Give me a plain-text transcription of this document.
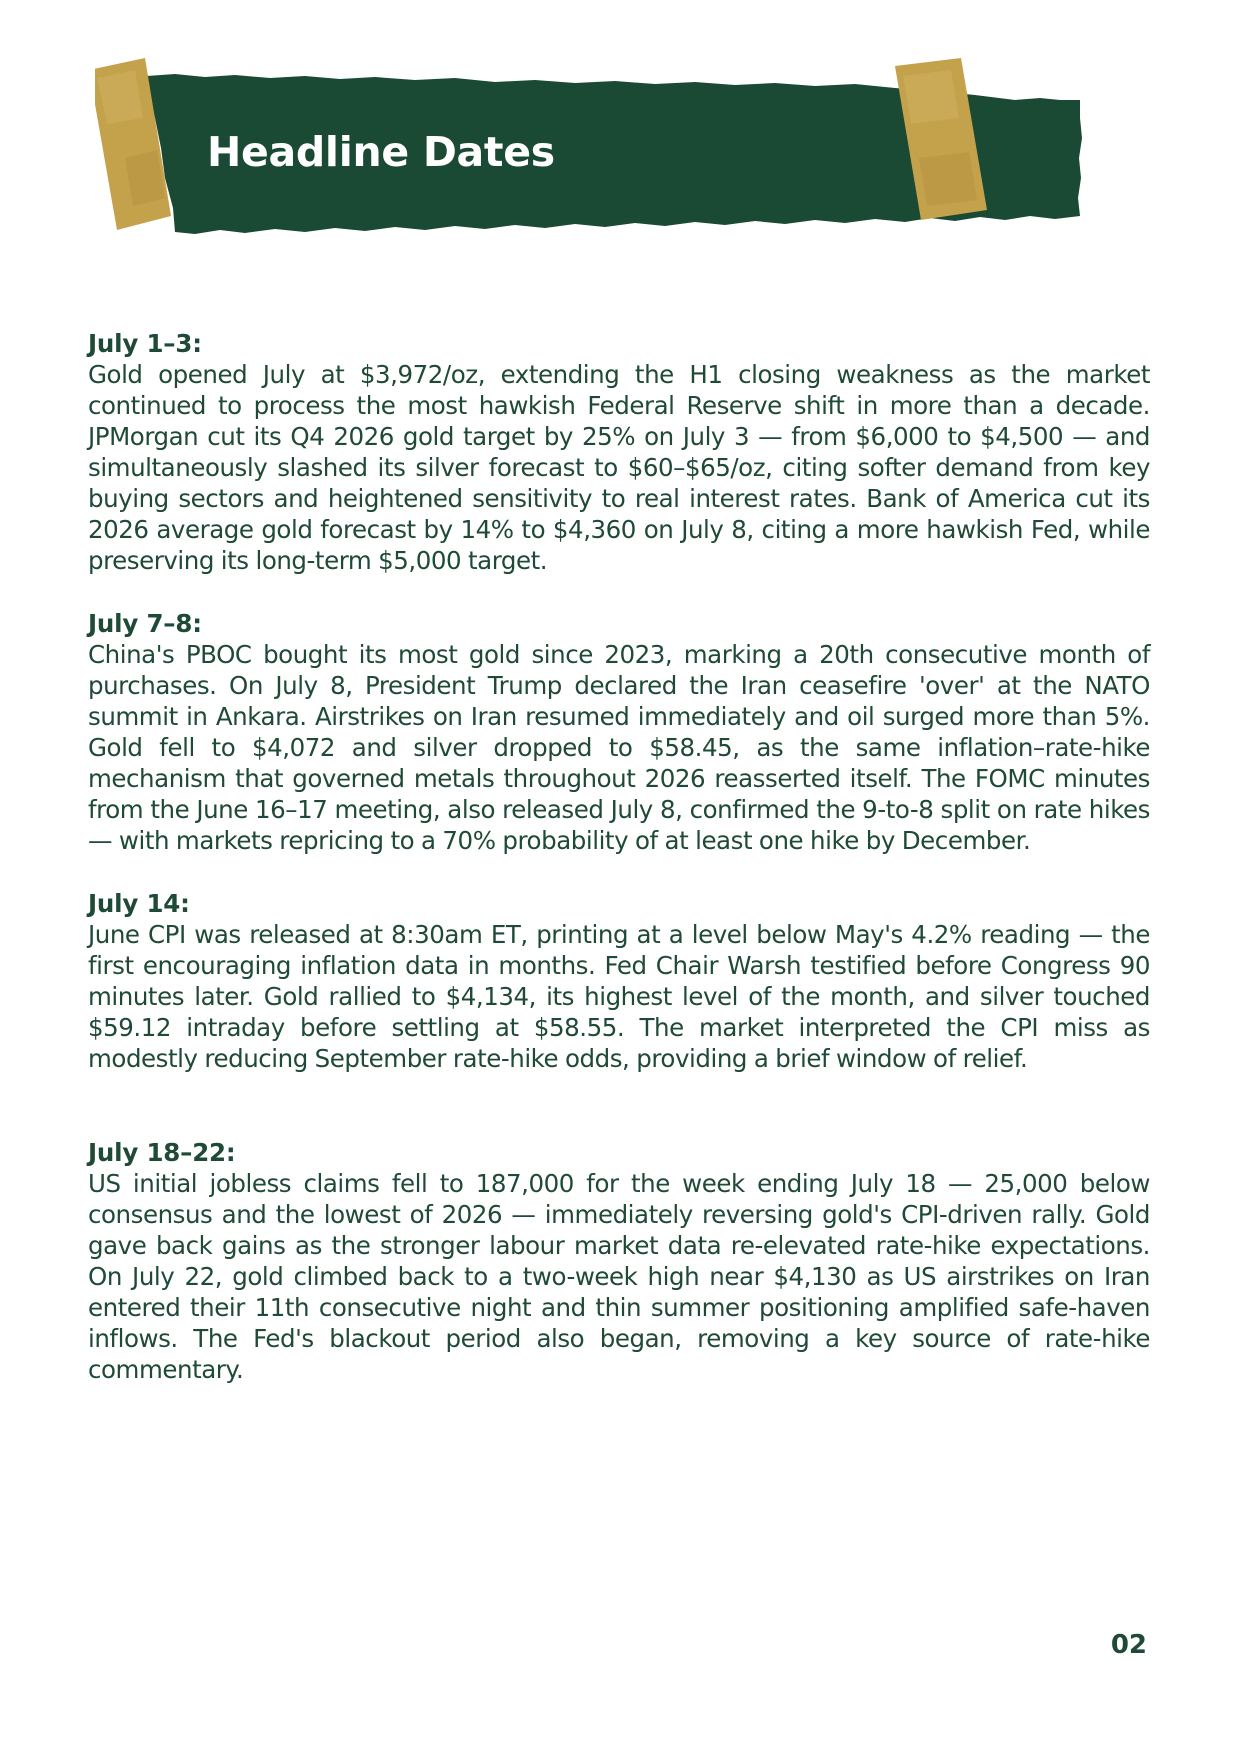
Headline Dates

July 1–3:

Gold opened July at $3,972/oz, extending the H1 closing weakness as the market continued to process the most hawkish Federal Reserve shift in more than a decade. JPMorgan cut its Q4 2026 gold target by 25% on July 3 — from $6,000 to $4,500 — and simultaneously slashed its silver forecast to $60–$65/oz, citing softer demand from key buying sectors and heightened sensitivity to real interest rates. Bank of America cut its 2026 average gold forecast by 14% to $4,360 on July 8, citing a more hawkish Fed, while preserving its long-term $5,000 target.

July 7–8:

China's PBOC bought its most gold since 2023, marking a 20th consecutive month of purchases. On July 8, President Trump declared the Iran ceasefire 'over' at the NATO summit in Ankara. Airstrikes on Iran resumed immediately and oil surged more than 5%. Gold fell to $4,072 and silver dropped to $58.45, as the same inflation–rate-hike mechanism that governed metals throughout 2026 reasserted itself. The FOMC minutes from the June 16–17 meeting, also released July 8, confirmed the 9-to-8 split on rate hikes — with markets repricing to a 70% probability of at least one hike by December.

July 14:

June CPI was released at 8:30am ET, printing at a level below May's 4.2% reading — the first encouraging inflation data in months. Fed Chair Warsh testified before Congress 90 minutes later. Gold rallied to $4,134, its highest level of the month, and silver touched $59.12 intraday before settling at $58.55. The market interpreted the CPI miss as modestly reducing September rate-hike odds, providing a brief window of relief.

July 18–22:

US initial jobless claims fell to 187,000 for the week ending July 18 — 25,000 below consensus and the lowest of 2026 — immediately reversing gold's CPI-driven rally. Gold gave back gains as the stronger labour market data re-elevated rate-hike expectations. On July 22, gold climbed back to a two-week high near $4,130 as US airstrikes on Iran entered their 11th consecutive night and thin summer positioning amplified safe-haven inflows. The Fed's blackout period also began, removing a key source of rate-hike commentary.

02
